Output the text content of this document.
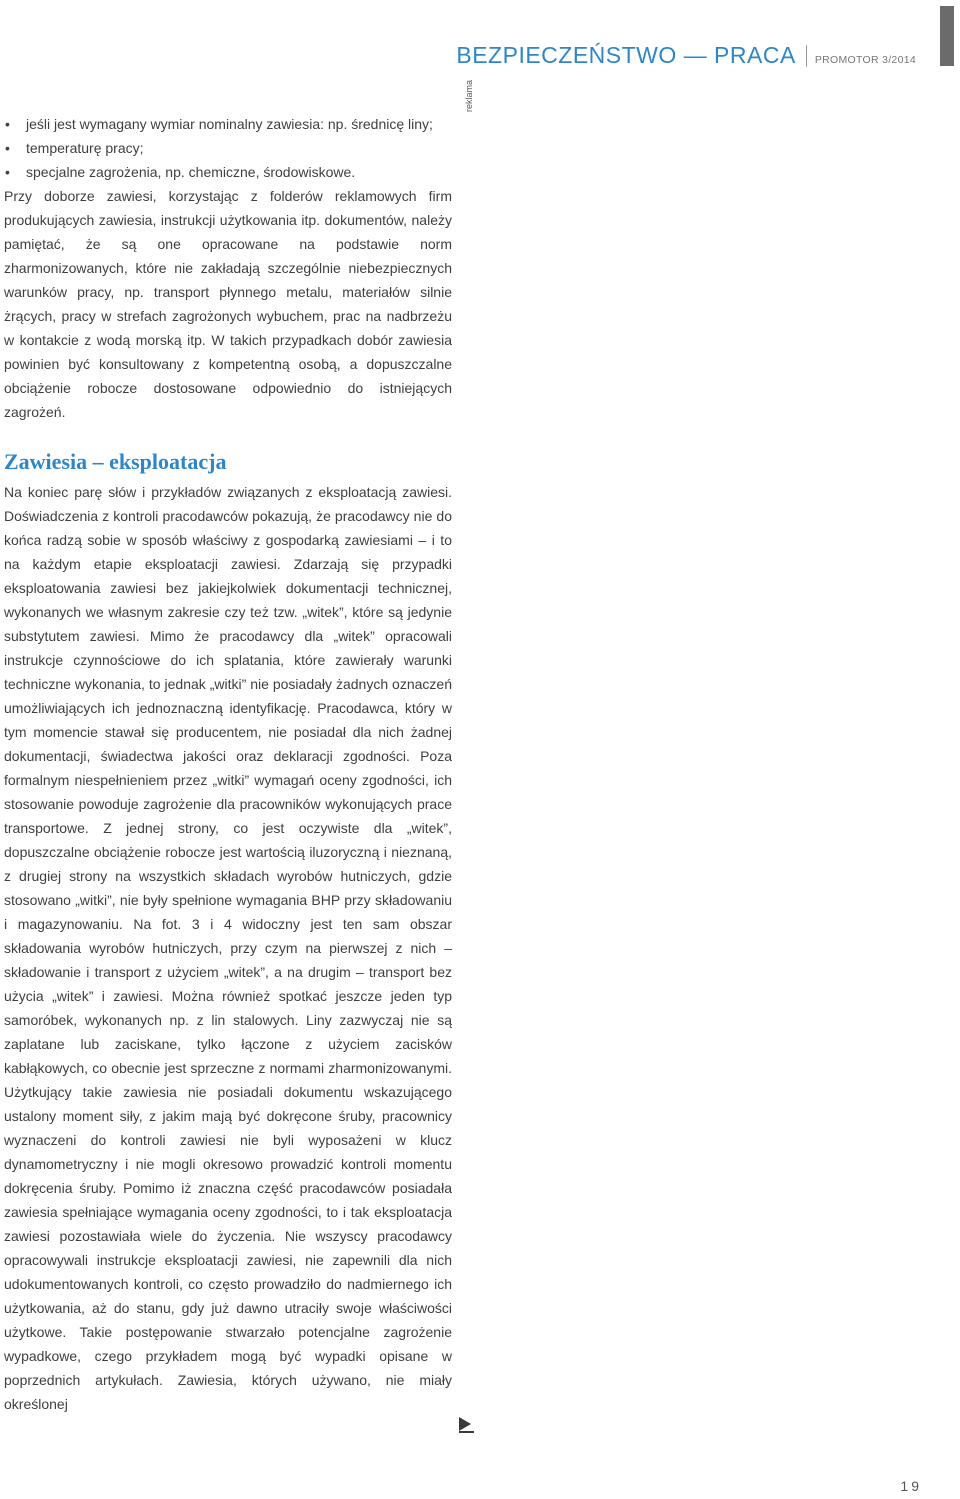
BEZPIECZEŃSTWO — PRACA PROMOTOR 3/2014
reklama
• jeśli jest wymagany wymiar nominalny zawiesia: np. średnicę liny;
• temperaturę pracy;
• specjalne zagrożenia, np. chemiczne, środowiskowe.

Przy doborze zawiesi, korzystając z folderów reklamowych firm produkujących zawiesia, instrukcji użytkowania itp. dokumentów, należy pamiętać, że są one opracowane na podstawie norm zharmonizowanych, które nie zakładają szczególnie niebezpiecznych warunków pracy, np. transport płynnego metalu, materiałów silnie żrących, pracy w strefach zagrożonych wybuchem, prac na nadbrzeżu w kontakcie z wodą morską itp. W takich przypadkach dobór zawiesia powinien być konsultowany z kompetentną osobą, a dopuszczalne obciążenie robocze dostosowane odpowiednio do istniejących zagrożeń.

Zawiesia – eksploatacja

Na koniec parę słów i przykładów związanych z eksploatacją zawiesi. Doświadczenia z kontroli pracodawców pokazują, że pracodawcy nie do końca radzą sobie w sposób właściwy z gospodarką zawiesiami – i to na każdym etapie eksploatacji zawiesi. Zdarzają się przypadki eksploatowania zawiesi bez jakiejkolwiek dokumentacji technicznej, wykonanych we własnym zakresie czy też tzw. „witek”, które są jedynie substytutem zawiesi. Mimo że pracodawcy dla „witek” opracowali instrukcje czynnościowe do ich splatania, które zawierały warunki techniczne wykonania, to jednak „witki” nie posiadały żadnych oznaczeń umożliwiających ich jednoznaczną identyfikację. Pracodawca, który w tym momencie stawał się producentem, nie posiadał dla nich żadnej dokumentacji, świadectwa jakości oraz deklaracji zgodności. Poza formalnym niespełnieniem przez „witki” wymagań oceny zgodności, ich stosowanie powoduje zagrożenie dla pracowników wykonujących prace transportowe. Z jednej strony, co jest oczywiste dla „witek”, dopuszczalne obciążenie robocze jest wartością iluzoryczną i nieznaną, z drugiej strony na wszystkich składach wyrobów hutniczych, gdzie stosowano „witki”, nie były spełnione wymagania BHP przy składowaniu i magazynowaniu. Na fot. 3 i 4 widoczny jest ten sam obszar składowania wyrobów hutniczych, przy czym na pierwszej z nich – składowanie i transport z użyciem „witek”, a na drugim – transport bez użycia „witek” i zawiesi. Można również spotkać jeszcze jeden typ samoróbek, wykonanych np. z lin stalowych. Liny zazwyczaj nie są zaplatane lub zaciskane, tylko łączone z użyciem zacisków kabłąkowych, co obecnie jest sprzeczne z normami zharmonizowanymi. Użytkujący takie zawiesia nie posiadali dokumentu wskazującego ustalony moment siły, z jakim mają być dokręcone śruby, pracownicy wyznaczeni do kontroli zawiesi nie byli wyposażeni w klucz dynamometryczny i nie mogli okresowo prowadzić kontroli momentu dokręcenia śruby. Pomimo iż znaczna część pracodawców posiadała zawiesia spełniające wymagania oceny zgodności, to i tak eksploatacja zawiesi pozostawiała wiele do życzenia. Nie wszyscy pracodawcy opracowywali instrukcje eksploatacji zawiesi, nie zapewnili dla nich udokumentowanych kontroli, co często prowadziło do nadmiernego ich użytkowania, aż do stanu, gdy już dawno utraciły swoje właściwości użytkowe. Takie postępowanie stwarzało potencjalne zagrożenie wypadkowe, czego przykładem mogą być wypadki opisane w poprzednich artykułach. Zawiesia, których używano, nie miały określonej

19
